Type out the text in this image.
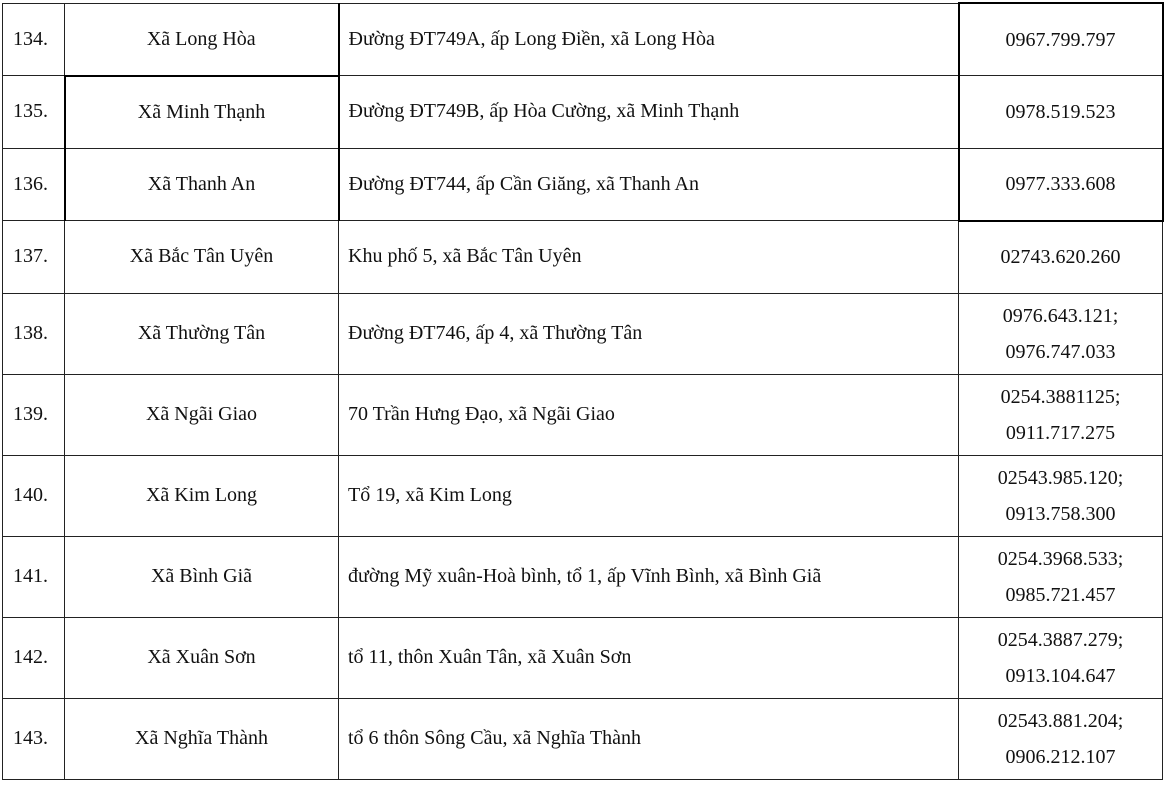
134.	Xã Long Hòa	Đường ĐT749A, ấp Long Điền, xã Long Hòa	0967.799.797

135.	Xã Minh Thạnh	Đường ĐT749B, ấp Hòa Cường, xã Minh Thạnh	0978.519.523

136.	Xã Thanh An	Đường ĐT744, ấp Cần Giăng, xã Thanh An	0977.333.608

137.	Xã Bắc Tân Uyên	Khu phố 5, xã Bắc Tân Uyên	02743.620.260

138.	Xã Thường Tân	Đường ĐT746, ấp 4, xã Thường Tân	0976.643.121;
0976.747.033

139.	Xã Ngãi Giao	70 Trần Hưng Đạo, xã Ngãi Giao	0254.3881125;
0911.717.275

140.	Xã Kim Long	Tổ 19, xã Kim Long	02543.985.120;
0913.758.300

141.	Xã Bình Giã	đường Mỹ xuân-Hoà bình, tổ 1, ấp Vĩnh Bình, xã Bình Giã	0254.3968.533;
0985.721.457

142.	Xã Xuân Sơn	tổ 11, thôn Xuân Tân, xã Xuân Sơn	0254.3887.279;
0913.104.647

143.	Xã Nghĩa Thành	tổ 6 thôn Sông Cầu, xã Nghĩa Thành	02543.881.204;
0906.212.107
